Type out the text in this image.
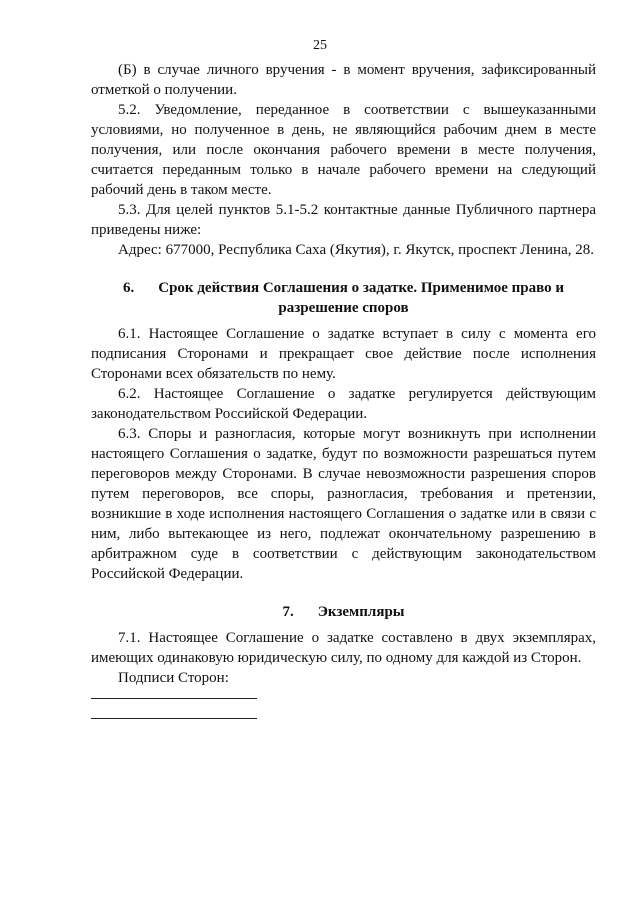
25

(Б) в случае личного вручения - в момент вручения, зафиксированный отметкой о получении.

5.2. Уведомление, переданное в соответствии с вышеуказанными условиями, но полученное в день, не являющийся рабочим днем в месте получения, или после окончания рабочего времени в месте получения, считается переданным только в начале рабочего времени на следующий рабочий день в таком месте.

5.3. Для целей пунктов 5.1-5.2 контактные данные Публичного партнера приведены ниже:

Адрес: 677000, Республика Саха (Якутия), г. Якутск, проспект Ленина, 28.

6. Срок действия Соглашения о задатке. Применимое право и разрешение споров

6.1. Настоящее Соглашение о задатке вступает в силу с момента его подписания Сторонами и прекращает свое действие после исполнения Сторонами всех обязательств по нему.

6.2. Настоящее Соглашение о задатке регулируется действующим законодательством Российской Федерации.

6.3. Споры и разногласия, которые могут возникнуть при исполнении настоящего Соглашения о задатке, будут по возможности разрешаться путем переговоров между Сторонами. В случае невозможности разрешения споров путем переговоров, все споры, разногласия, требования и претензии, возникшие в ходе исполнения настоящего Соглашения о задатке или в связи с ним, либо вытекающее из него, подлежат окончательному разрешению в арбитражном суде в соответствии с действующим законодательством Российской Федерации.

7. Экземпляры

7.1. Настоящее Соглашение о задатке составлено в двух экземплярах, имеющих одинаковую юридическую силу, по одному для каждой из Сторон.

Подписи Сторон:
